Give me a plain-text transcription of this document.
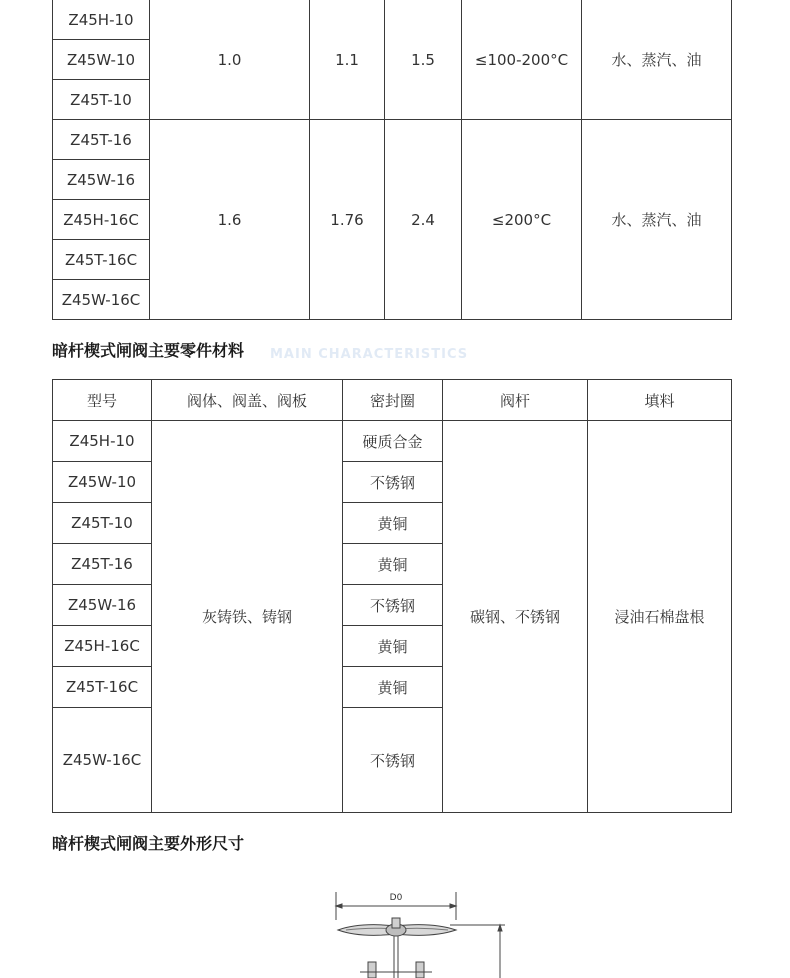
Z45H-10	1.0	1.1	1.5	≤100-200°C	水、蒸汽、油
Z45W-10					
Z45T-10					
Z45T-16	1.6	1.76	2.4	≤200°C	水、蒸汽、油
Z45W-16					
Z45H-16C					
Z45T-16C					
Z45W-16C					
暗杆楔式闸阀主要零件材料 MAIN CHARACTERISTICS
型号	阀体、阀盖、阀板	密封圈	阀杆	填料
Z45H-10	灰铸铁、铸钢	硬质合金	碳钢、不锈钢	浸油石棉盘根
Z45W-10		不锈钢		
Z45T-10		黄铜		
Z45T-16		黄铜		
Z45W-16		不锈钢		
Z45H-16C		黄铜		
Z45T-16C		黄铜		
Z45W-16C		不锈钢		
暗杆楔式闸阀主要外形尺寸
D0
